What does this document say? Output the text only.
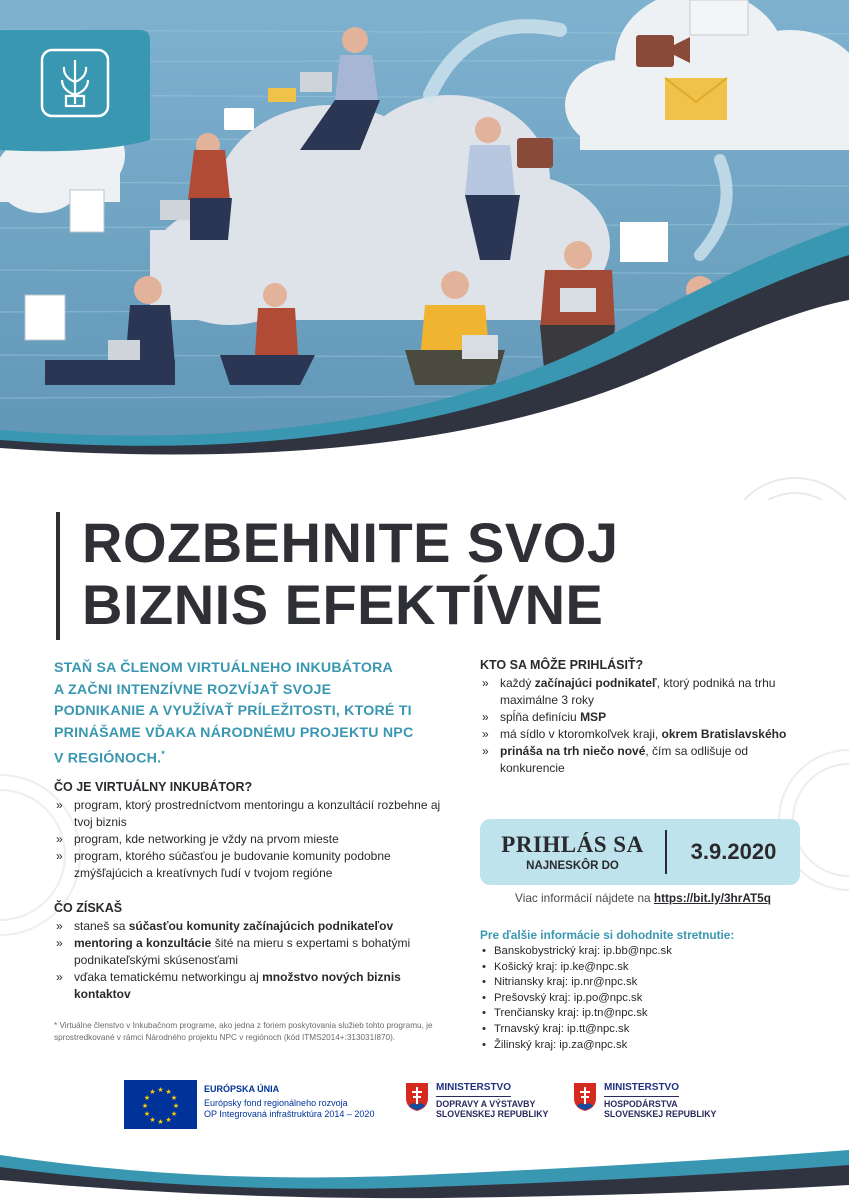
ROZBEHNITE SVOJ
BIZNIS EFEKTÍVNE
STAŇ SA ČLENOM VIRTUÁLNEHO INKUBÁTORA
A ZAČNI INTENZÍVNE ROZVÍJAŤ SVOJE
PODNIKANIE A VYUŽÍVAŤ PRÍLEŽITOSTI, KTORÉ TI
PRINÁŠAME VĎAKA NÁRODNÉMU PROJEKTU NPC
V REGIÓNOCH.*
ČO JE VIRTUÁLNY INKUBÁTOR?
» program, ktorý prostredníctvom mentoringu a konzultácií rozbehne aj tvoj biznis
» program, kde networking je vždy na prvom mieste
» program, ktorého súčasťou je budovanie komunity podobne zmýšľajúcich a kreatívnych ľudí v tvojom regióne
ČO ZÍSKAŠ
» staneš sa súčasťou komunity začínajúcich podnikateľov
» mentoring a konzultácie šité na mieru s expertami s bohatými podnikateľskými skúsenosťami
» vďaka tematickému networkingu aj množstvo nových biznis kontaktov
* Virtuálne členstvo v Inkubačnom programe, ako jedna z foriem poskytovania služieb tohto programu, je sprostredkované v rámci Národného projektu NPC v regiónoch (kód ITMS2014+:313031I870).
KTO SA MÔŽE PRIHLÁSIŤ?
» každý začínajúci podnikateľ, ktorý podniká na trhu maximálne 3 roky
» spĺňa definíciu MSP
» má sídlo v ktoromkoľvek kraji, okrem Bratislavského
» prináša na trh niečo nové, čím sa odlišuje od konkurencie
PRIHLÁS SA
NAJNESKÔR DO
3.9.2020
Viac informácií nájdete na https://bit.ly/3hrAT5q
Pre ďalšie informácie si dohodnite stretnutie:
• Banskobystrický kraj: ip.bb@npc.sk
• Košický kraj: ip.ke@npc.sk
• Nitriansky kraj: ip.nr@npc.sk
• Prešovský kraj: ip.po@npc.sk
• Trenčiansky kraj: ip.tn@npc.sk
• Trnavský kraj: ip.tt@npc.sk
• Žilinský kraj: ip.za@npc.sk
★ ★
★
★
★
★
★
★
★
★
★
★	EURÓPSKA ÚNIA
Európsky fond regionálneho rozvoja
OP Integrovaná infraštruktúra 2014 – 2020
MINISTERSTVO
DOPRAVY A VÝSTAVBY
SLOVENSKEJ REPUBLIKY
MINISTERSTVO
HOSPODÁRSTVA
SLOVENSKEJ REPUBLIKY
